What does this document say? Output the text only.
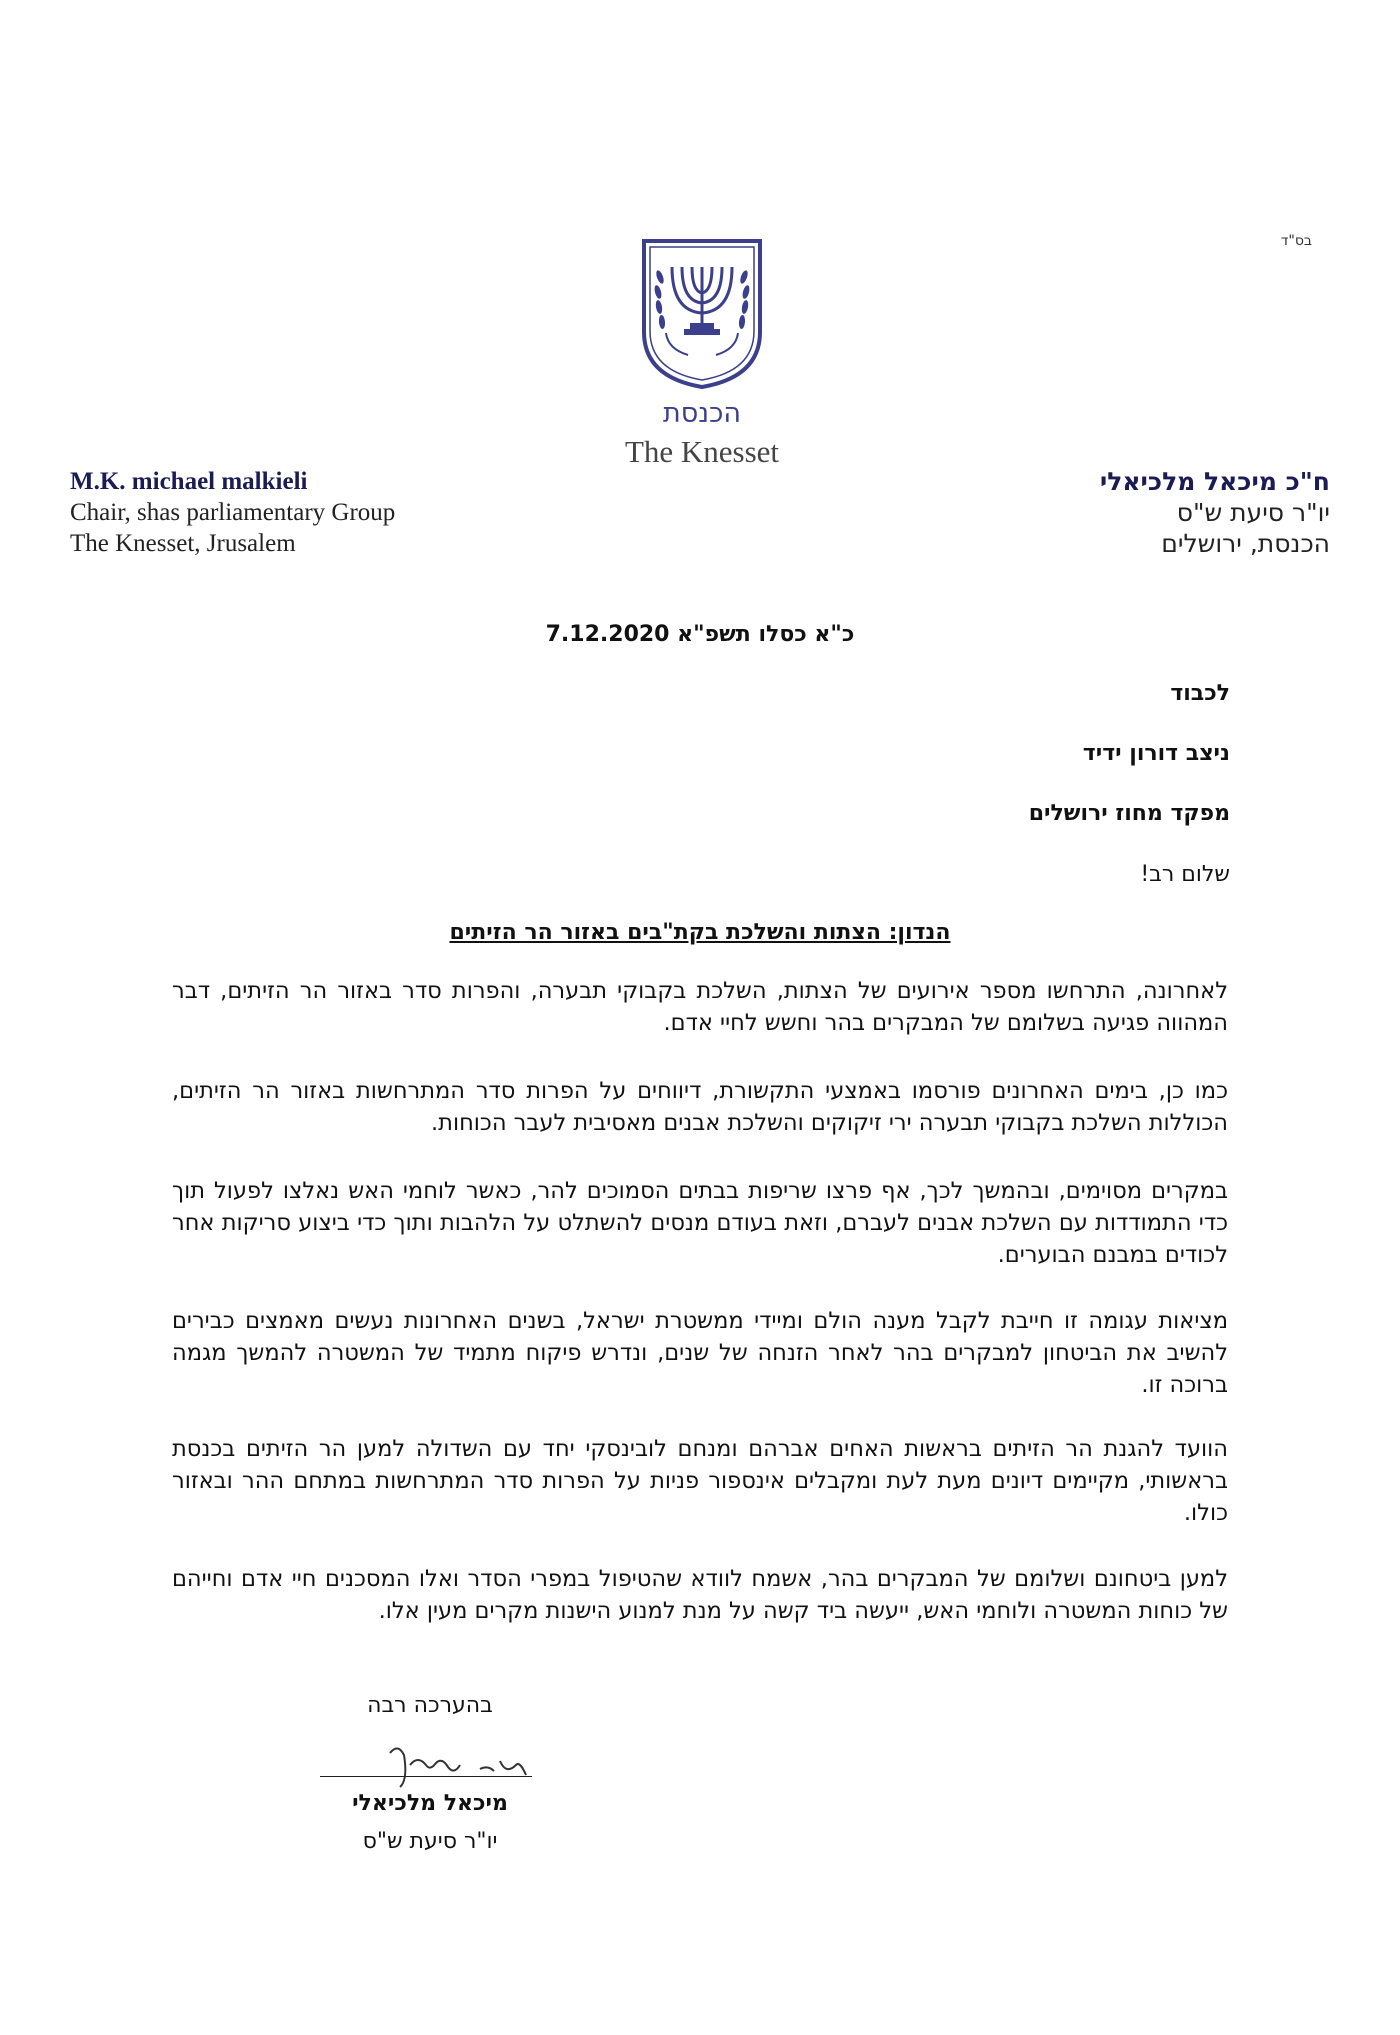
בס"ד
הכנסת
The Knesset
M.K. michael malkieli
Chair, shas parliamentary Group
The Knesset, Jrusalem
ח"כ מיכאל מלכיאלי
יו"ר סיעת ש"ס
הכנסת, ירושלים
כ"א כסלו תשפ"א 7.12.2020
לכבוד
ניצב דורון ידיד
מפקד מחוז ירושלים
שלום רב!
הנדון: הצתות והשלכת בקת"בים באזור הר הזיתים
לאחרונה, התרחשו מספר אירועים של הצתות, השלכת בקבוקי תבערה, והפרות סדר באזור הר הזיתים, דבר המהווה פגיעה בשלומם של המבקרים בהר וחשש לחיי אדם.
כמו כן, בימים האחרונים פורסמו באמצעי התקשורת, דיווחים על הפרות סדר המתרחשות באזור הר הזיתים, הכוללות השלכת בקבוקי תבערה ירי זיקוקים והשלכת אבנים מאסיבית לעבר הכוחות.
במקרים מסוימים, ובהמשך לכך, אף פרצו שריפות בבתים הסמוכים להר, כאשר לוחמי האש נאלצו לפעול תוך כדי התמודדות עם השלכת אבנים לעברם, וזאת בעודם מנסים להשתלט על הלהבות ותוך כדי ביצוע סריקות אחר לכודים במבנם הבוערים.
מציאות עגומה זו חייבת לקבל מענה הולם ומיידי ממשטרת ישראל, בשנים האחרונות נעשים מאמצים כבירים להשיב את הביטחון למבקרים בהר לאחר הזנחה של שנים, ונדרש פיקוח מתמיד של המשטרה להמשך מגמה ברוכה זו.
הוועד להגנת הר הזיתים בראשות האחים אברהם ומנחם לובינסקי יחד עם השדולה למען הר הזיתים בכנסת בראשותי, מקיימים דיונים מעת לעת ומקבלים אינספור פניות על הפרות סדר המתרחשות במתחם ההר ובאזור כולו.
למען ביטחונם ושלומם של המבקרים בהר, אשמח לוודא שהטיפול במפרי הסדר ואלו המסכנים חיי אדם וחייהם של כוחות המשטרה ולוחמי האש, ייעשה ביד קשה על מנת למנוע הישנות מקרים מעין אלו.
בהערכה רבה
מיכאל מלכיאלי
יו"ר סיעת ש"ס
